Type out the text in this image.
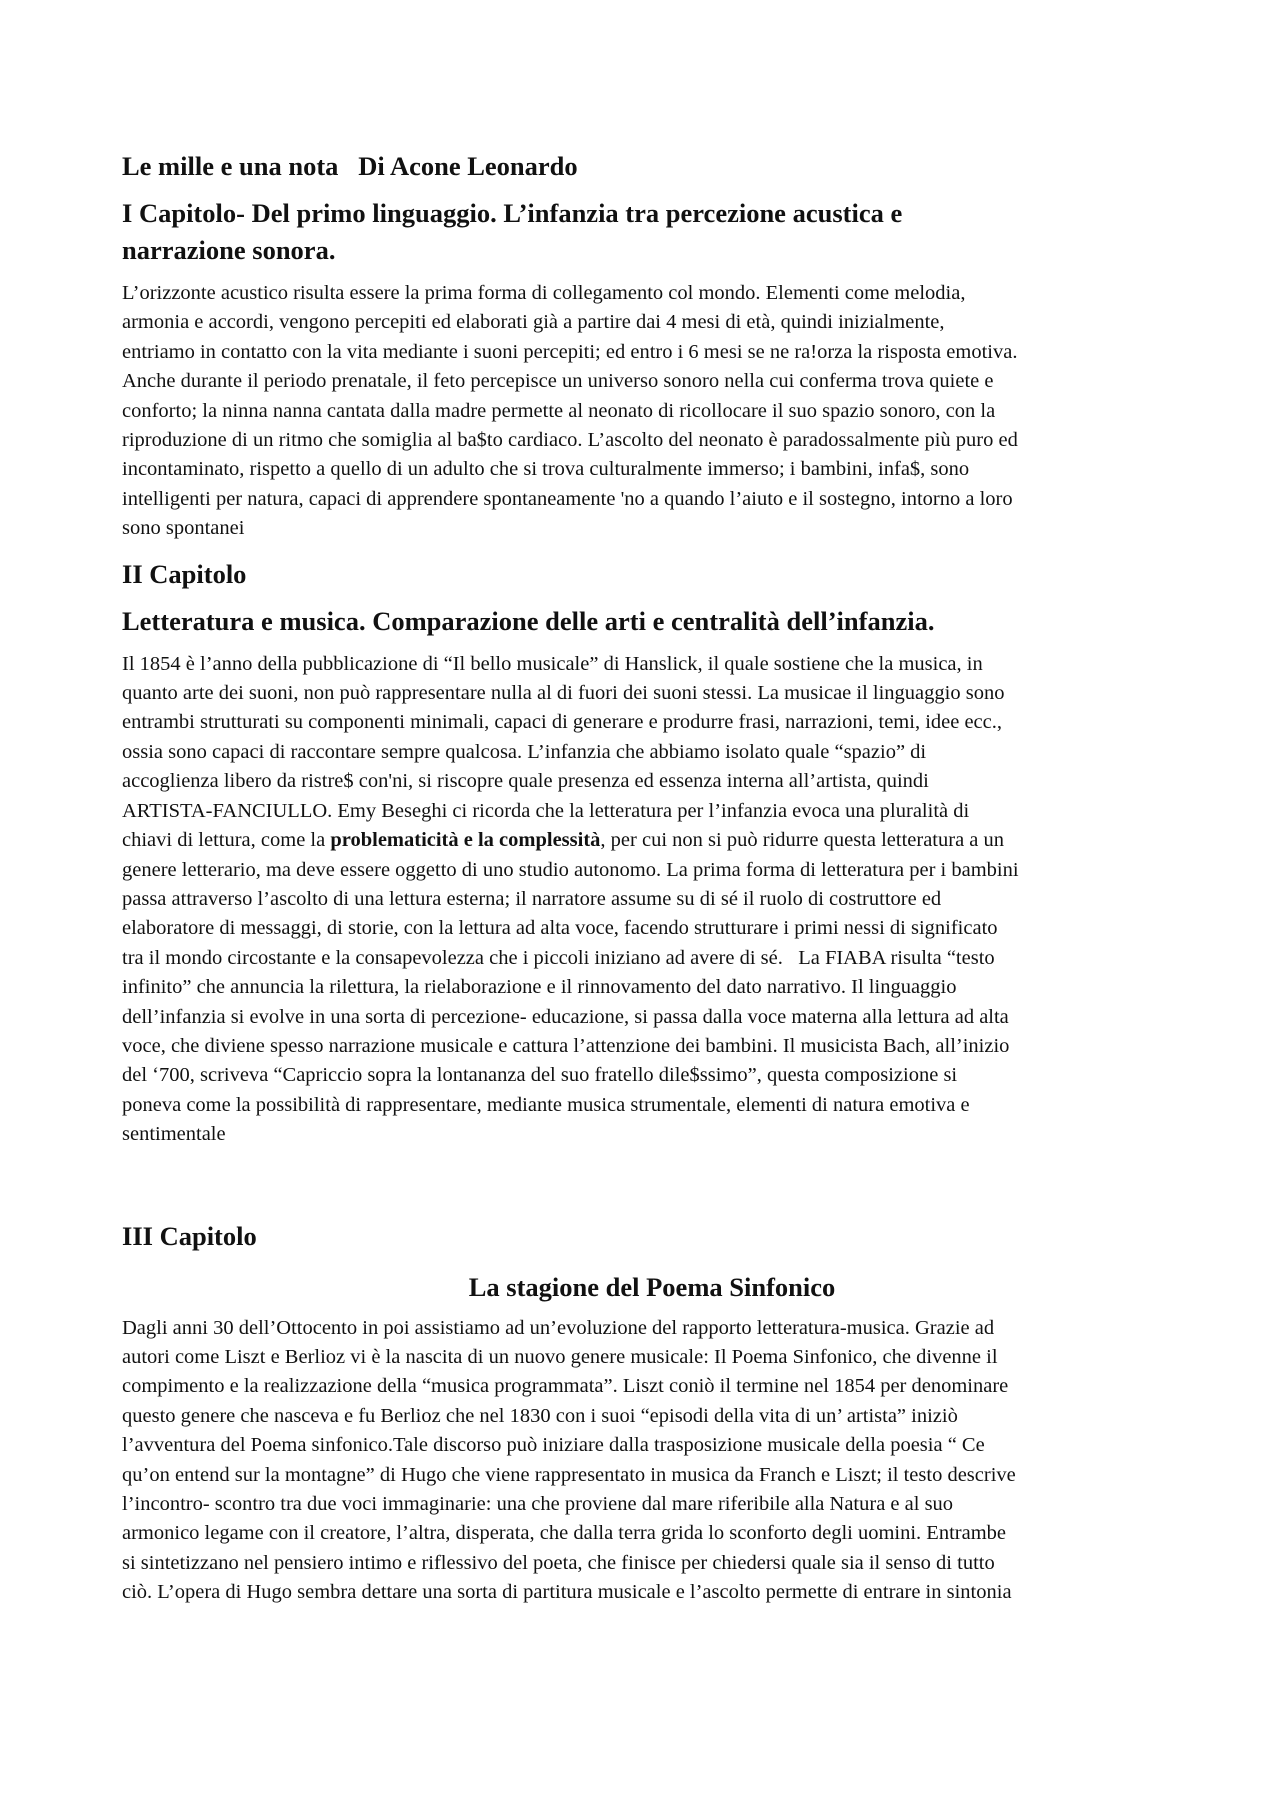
Le mille e una nota   Di Acone Leonardo

I Capitolo- Del primo linguaggio. L’infanzia tra percezione acustica e

narrazione sonora.

L’orizzonte acustico risulta essere la prima forma di collegamento col mondo. Elementi come melodia,
armonia e accordi, vengono percepiti ed elaborati già a partire dai 4 mesi di età, quindi inizialmente,
entriamo in contatto con la vita mediante i suoni percepiti; ed entro i 6 mesi se ne ra!orza la risposta emotiva.
Anche durante il periodo prenatale, il feto percepisce un universo sonoro nella cui conferma trova quiete e
conforto; la ninna nanna cantata dalla madre permette al neonato di ricollocare il suo spazio sonoro, con la
riproduzione di un ritmo che somiglia al ba$to cardiaco. L’ascolto del neonato è paradossalmente più puro ed
incontaminato, rispetto a quello di un adulto che si trova culturalmente immerso; i bambini, infa$, sono
intelligenti per natura, capaci di apprendere spontaneamente 'no a quando l’aiuto e il sostegno, intorno a loro
sono spontanei

II Capitolo

Letteratura e musica. Comparazione delle arti e centralità dell’infanzia.

Il 1854 è l’anno della pubblicazione di “Il bello musicale” di Hanslick, il quale sostiene che la musica, in
quanto arte dei suoni, non può rappresentare nulla al di fuori dei suoni stessi. La musicae il linguaggio sono
entrambi strutturati su componenti minimali, capaci di generare e produrre frasi, narrazioni, temi, idee ecc.,
ossia sono capaci di raccontare sempre qualcosa. L’infanzia che abbiamo isolato quale “spazio” di
accoglienza libero da ristre$ con'ni, si riscopre quale presenza ed essenza interna all’artista, quindi
ARTISTA-FANCIULLO. Emy Beseghi ci ricorda che la letteratura per l’infanzia evoca una pluralità di
chiavi di lettura, come la problematicità e la complessità, per cui non si può ridurre questa letteratura a un
genere letterario, ma deve essere oggetto di uno studio autonomo. La prima forma di letteratura per i bambini
passa attraverso l’ascolto di una lettura esterna; il narratore assume su di sé il ruolo di costruttore ed
elaboratore di messaggi, di storie, con la lettura ad alta voce, facendo strutturare i primi nessi di significato
tra il mondo circostante e la consapevolezza che i piccoli iniziano ad avere di sé.   La FIABA risulta “testo
infinito” che annuncia la rilettura, la rielaborazione e il rinnovamento del dato narrativo. Il linguaggio
dell’infanzia si evolve in una sorta di percezione- educazione, si passa dalla voce materna alla lettura ad alta
voce, che diviene spesso narrazione musicale e cattura l’attenzione dei bambini. Il musicista Bach, all’inizio
del ‘700, scriveva “Capriccio sopra la lontananza del suo fratello dile$ssimo”, questa composizione si
poneva come la possibilità di rappresentare, mediante musica strumentale, elementi di natura emotiva e
sentimentale

III Capitolo

La stagione del Poema Sinfonico

Dagli anni 30 dell’Ottocento in poi assistiamo ad un’evoluzione del rapporto letteratura-musica. Grazie ad
autori come Liszt e Berlioz vi è la nascita di un nuovo genere musicale: Il Poema Sinfonico, che divenne il
compimento e la realizzazione della “musica programmata”. Liszt coniò il termine nel 1854 per denominare
questo genere che nasceva e fu Berlioz che nel 1830 con i suoi “episodi della vita di un’ artista” iniziò
l’avventura del Poema sinfonico.Tale discorso può iniziare dalla trasposizione musicale della poesia “ Ce
qu’on entend sur la montagne” di Hugo che viene rappresentato in musica da Franch e Liszt; il testo descrive
l’incontro- scontro tra due voci immaginarie: una che proviene dal mare riferibile alla Natura e al suo
armonico legame con il creatore, l’altra, disperata, che dalla terra grida lo sconforto degli uomini. Entrambe
si sintetizzano nel pensiero intimo e riflessivo del poeta, che finisce per chiedersi quale sia il senso di tutto
ciò. L’opera di Hugo sembra dettare una sorta di partitura musicale e l’ascolto permette di entrare in sintonia
